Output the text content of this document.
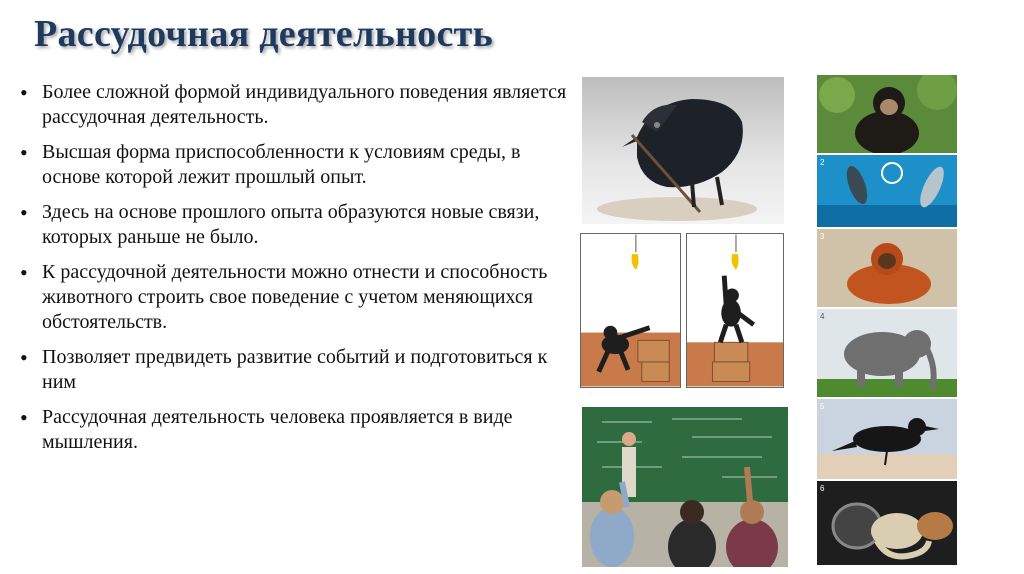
Рассудочная деятельность
• Более сложной формой индивидуального поведения является рассудочная деятельность.
• Высшая форма приспособленности к условиям среды, в основе которой лежит прошлый опыт.
• Здесь на основе прошлого опыта образуются новые связи, которых раньше не было.
• К рассудочной деятельности можно отнести и способность животного строить свое поведение с учетом меняющихся обстоятельств.
• Позволяет предвидеть развитие событий и подготовиться к ним
• Рассудочная деятельность человека проявляется в виде мышления.
2
3
4
5
6
